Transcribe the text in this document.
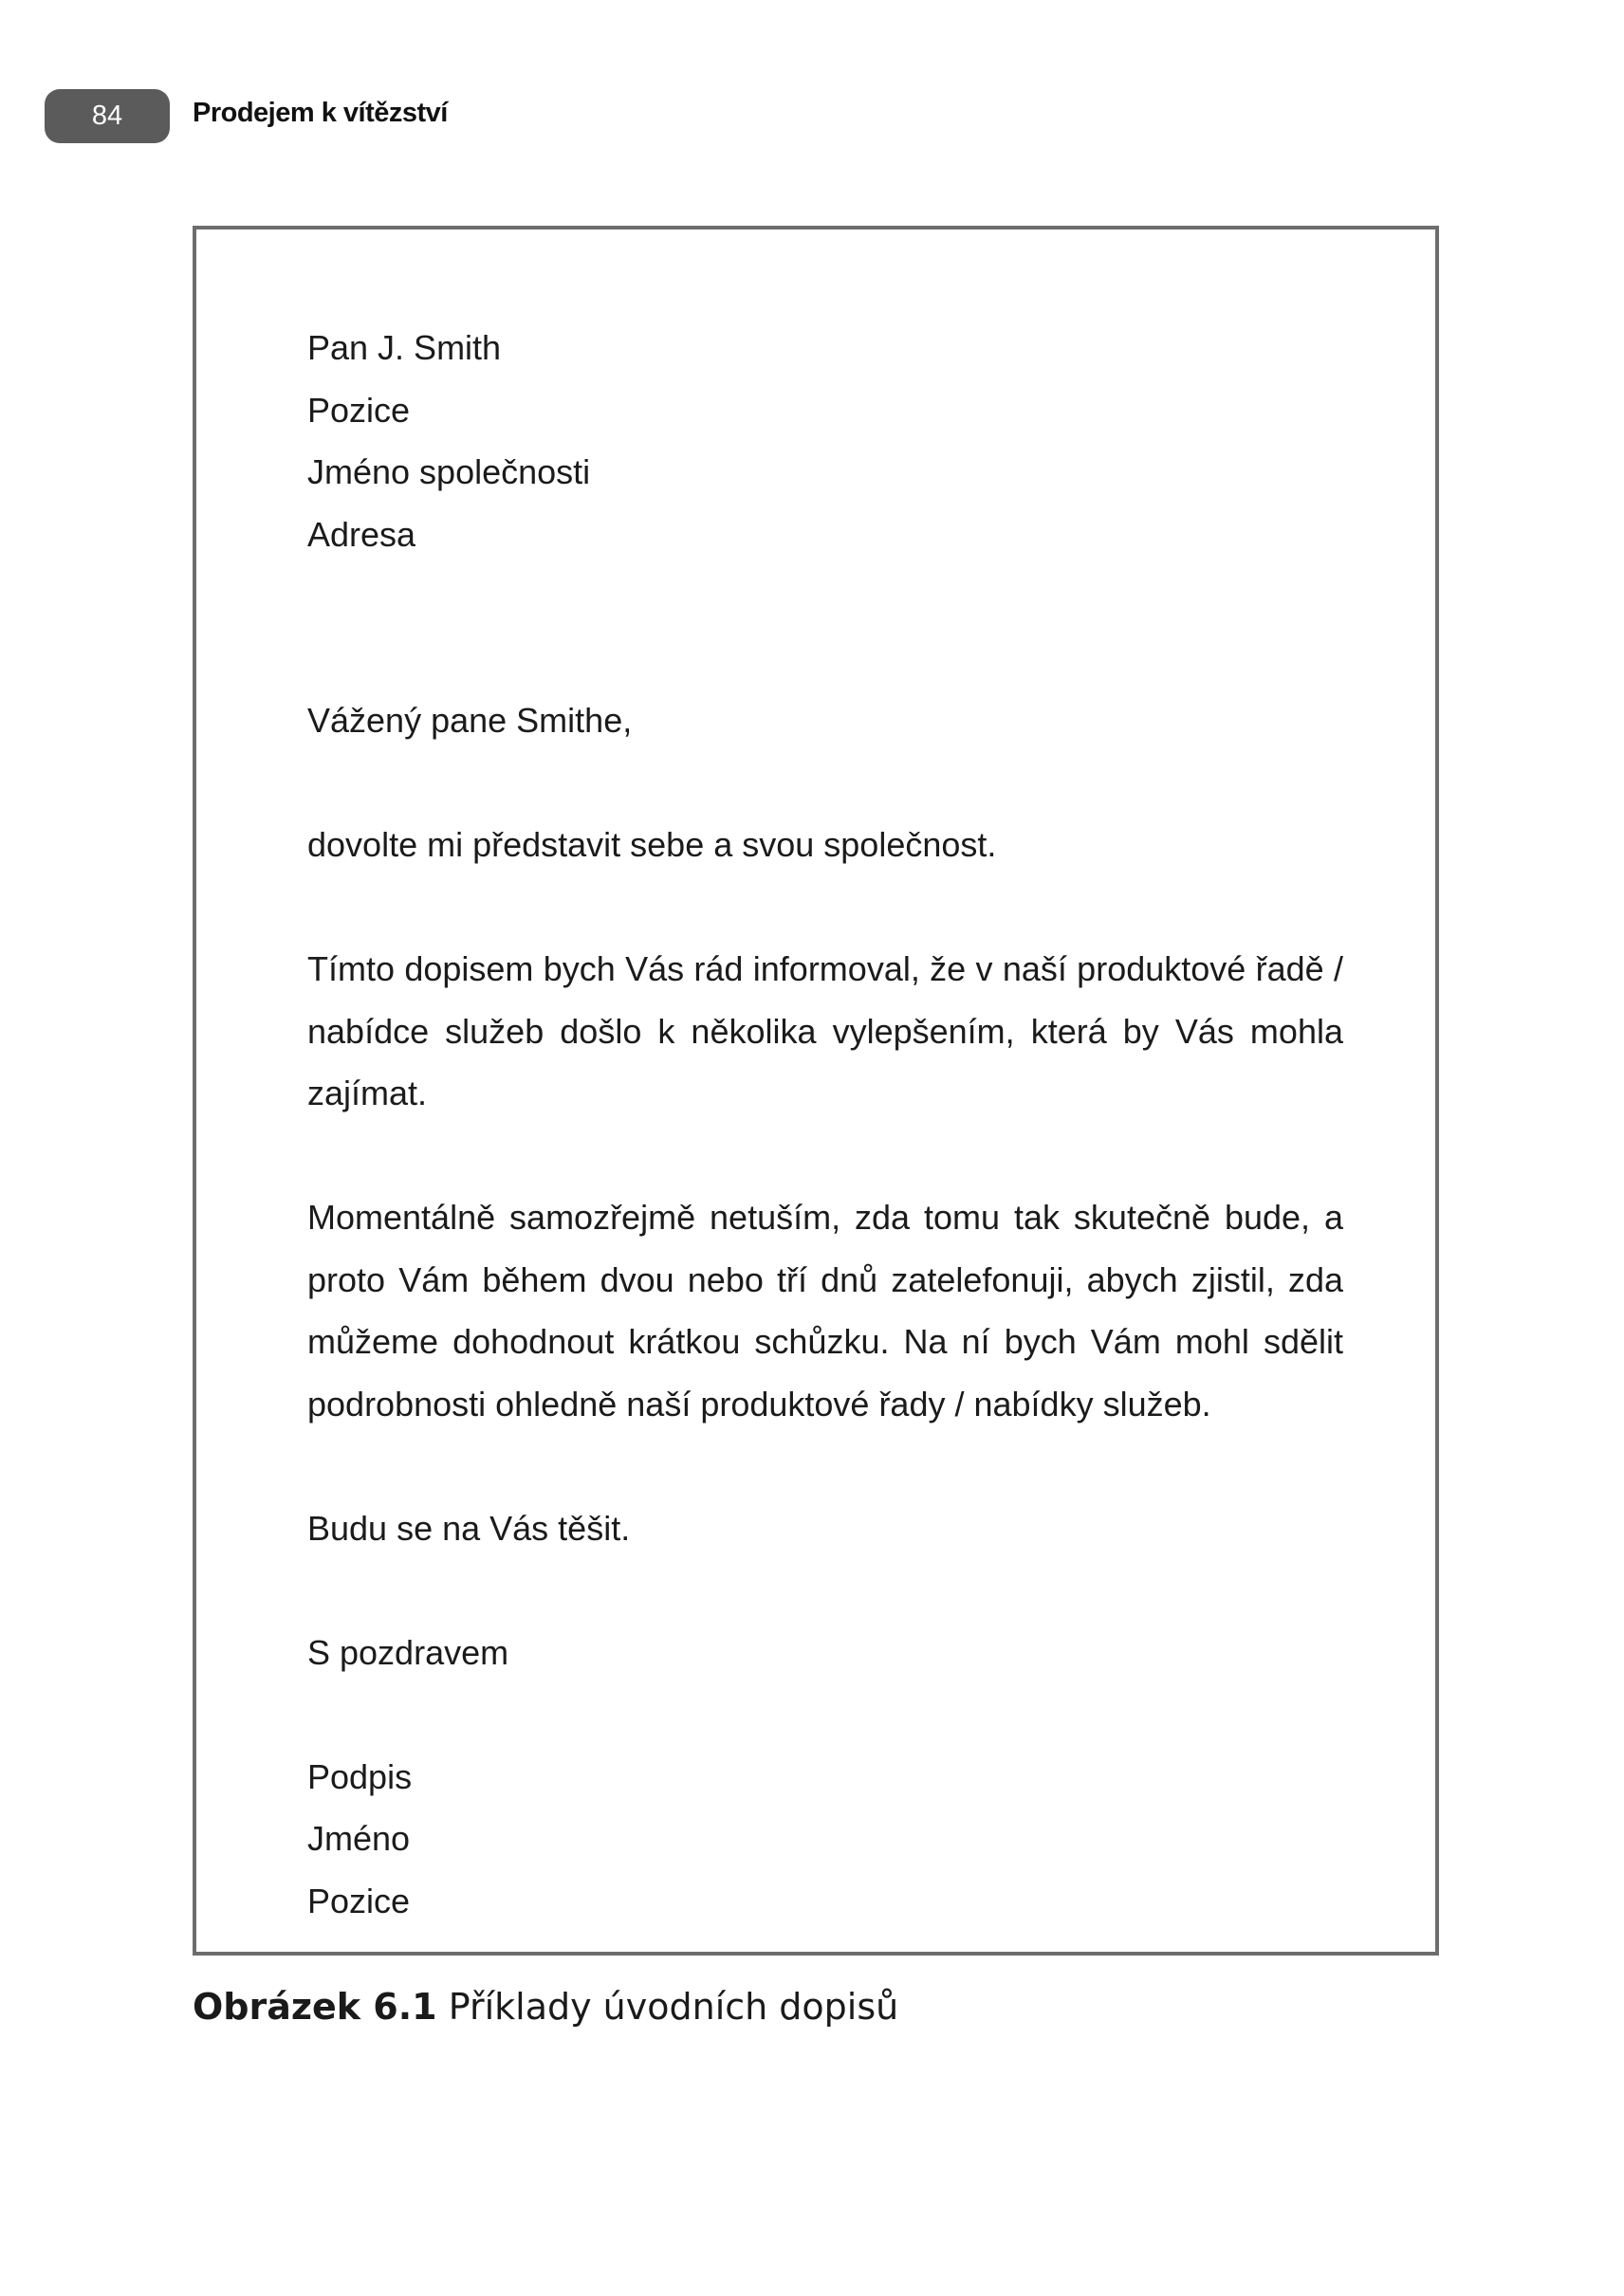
84	Prodejem k vítězství

Pan J. Smith
Pozice
Jméno společnosti
Adresa

Vážený pane Smithe,

dovolte mi představit sebe a svou společnost.

Tímto dopisem bych Vás rád informoval, že v naší produktové řadě / nabídce služeb došlo k několika vylepšením, která by Vás mohla zajímat.

Momentálně samozřejmě netuším, zda tomu tak skutečně bude, a proto Vám během dvou nebo tří dnů zatelefonuji, abych zjistil, zda můžeme dohodnout krátkou schůzku. Na ní bych Vám mohl sdělit podrobnosti ohledně naší produktové řady / nabídky služeb.

Budu se na Vás těšit.

S pozdravem

Podpis
Jméno
Pozice

Obrázek 6.1 Příklady úvodních dopisů
